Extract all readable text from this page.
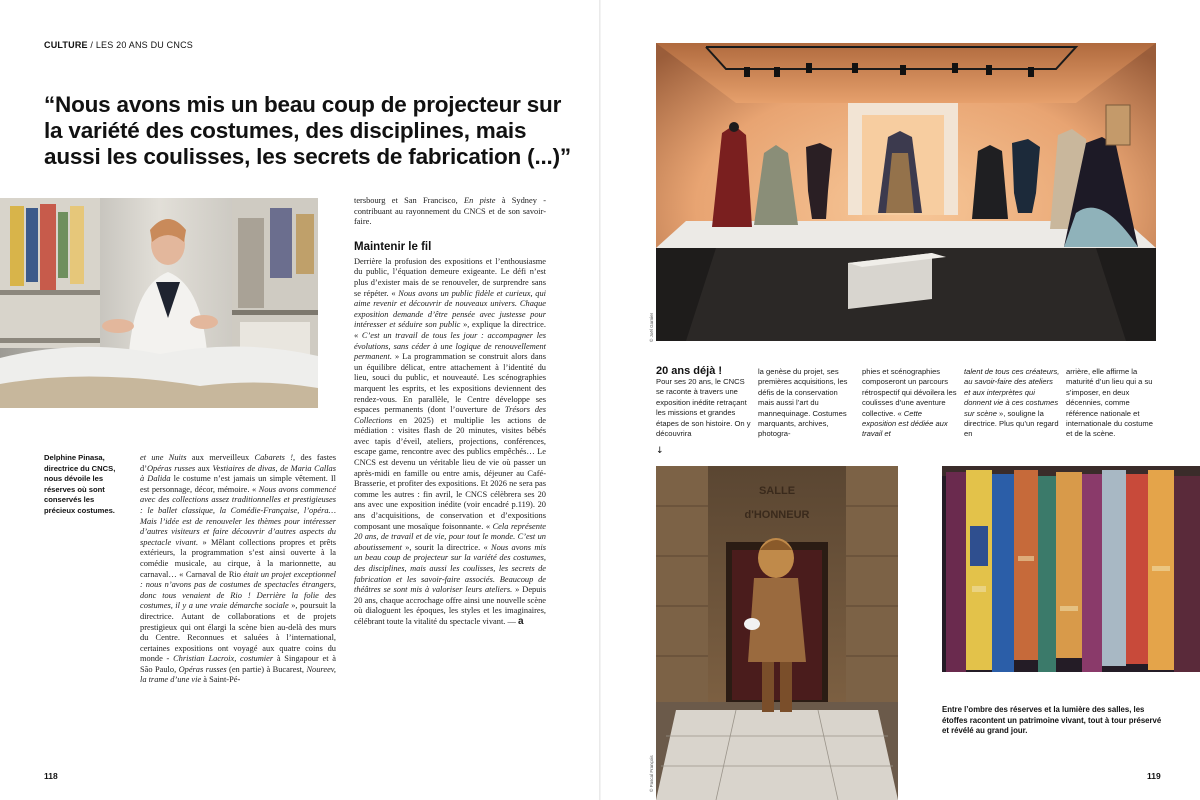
CULTURE / LES 20 ANS DU CNCS
“Nous avons mis un beau coup de projecteur sur la variété des costumes, des disciplines, mais aussi les coulisses, les secrets de fabrication (...)”
Delphine Pinasa, directrice du CNCS, nous dévoile les réserves où sont conservés les précieux costumes.

et une Nuits aux merveilleux Cabarets !, des fastes d’Opéras russes aux Vestiaires de divas, de Maria Callas à Dalida le costume n’est jamais un simple vêtement. Il est personnage, décor, mémoire. « Nous avons commencé avec des collections assez traditionnelles et prestigieuses : le ballet classique, la Comédie-Française, l’opéra… Mais l’idée est de renouveler les thèmes pour intéresser d’autres visiteurs et faire découvrir d’autres aspects du spectacle vivant. » Mêlant collections propres et prêts extérieurs, la programmation s’est ainsi ouverte à la comédie musicale, au cirque, à la marionnette, au carnaval… « Carnaval de Rio était un projet exceptionnel : nous n’avons pas de costumes de spectacles étrangers, donc tous venaient de Rio ! Derrière la folie des costumes, il y a une vraie démarche sociale », poursuit la directrice. Autant de collaborations et de projets prestigieux qui ont élargi la scène bien au-delà des murs du Centre. Reconnues et saluées à l’international, certaines expositions ont voyagé aux quatre coins du monde - Christian Lacroix, costumier à Singapour et à São Paulo, Opéras russes (en partie) à Bucarest, Noureev, la trame d’une vie à Saint-Pé-

tersbourg et San Francisco, En piste à Sydney - contribuant au rayonnement du CNCS et de son savoir-faire.

Maintenir le fil

Derrière la profusion des expositions et l’enthousiasme du public, l’équation demeure exigeante. Le défi n’est plus d’exister mais de se renouveler, de surprendre sans se répéter. « Nous avons un public fidèle et curieux, qui aime revenir et découvrir de nouveaux univers. Chaque exposition demande d’être pensée avec justesse pour intéresser et séduire son public », explique la directrice. « C’est un travail de tous les jour : accompagner les évolutions, sans céder à une logique de renouvellement permanent. » La programmation se construit alors dans un équilibre délicat, entre attachement à l’identité du lieu, souci du public, et nouveauté. Les scénographies marquent les esprits, et les expositions deviennent des rendez-vous. En parallèle, le Centre développe ses espaces permanents (dont l’ouverture de Trésors des Collections en 2025) et multiplie les actions de médiation : visites flash de 20 minutes, visites bébés avec tapis d’éveil, ateliers, projections, conférences, escape game, rencontre avec des publics empêchés… Le CNCS est devenu un véritable lieu de vie où passer un après-midi en famille ou entre amis, déjeuner au Café-Brasserie, et profiter des expositions. Et 2026 ne sera pas comme les autres : fin avril, le CNCS célèbrera ses 20 ans avec une exposition inédite (voir encadré p.119). 20 ans d’acquisitions, de conservation et d’expositions composant une mosaïque foisonnante. « Cela représente 20 ans, de travail et de vie, pour tout le monde. C’est un aboutissement », sourit la directrice. « Nous avons mis un beau coup de projecteur sur la variété des costumes, des disciplines, mais aussi les coulisses, les secrets de fabrication et les savoir-faire associés. Beaucoup de théâtres se sont mis à valoriser leurs ateliers. » Depuis 20 ans, chaque accrochage offre ainsi une nouvelle scène où dialoguent les époques, les styles et les imaginaires, célébrant toute la vitalité du spectacle vivant. — a

118
© Joël Garnier
20 ans déjà !
Pour ses 20 ans, le CNCS se raconte à travers une exposition inédite retraçant les missions et grandes étapes de son histoire. On y découvrira
la genèse du projet, ses premières acquisitions, les défis de la conservation mais aussi l’art du mannequinage. Costumes marquants, archives, photogra-
phies et scénographies composeront un parcours rétrospectif qui dévoilera les coulisses d’une aventure collective. « Cette exposition est dédiée aux travail et
talent de tous ces créateurs, au savoir-faire des ateliers et aux interprètes qui donnent vie à ces costumes sur scène », souligne la directrice. Plus qu’un regard en
arrière, elle affirme la maturité d’un lieu qui a su s’imposer, en deux décennies, comme référence nationale et internationale du costume et de la scène.
↓
SALLE
d'HONNEUR
© Pascal François
Entre l’ombre des réserves et la lumière des salles, les étoffes racontent un patrimoine vivant, tout à tour préservé et révélé au grand jour.
119
